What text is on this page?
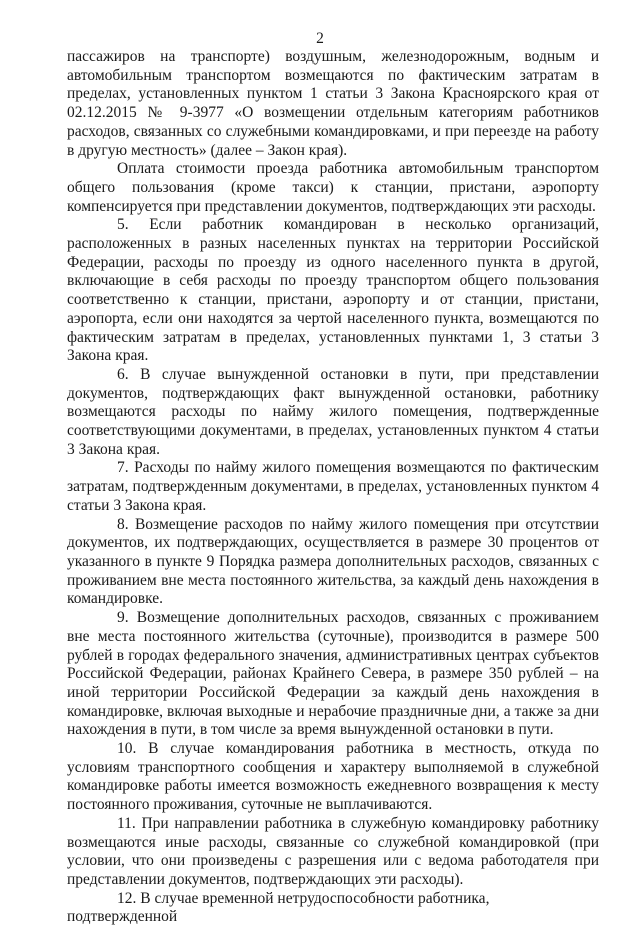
2

пассажиров на транспорте) воздушным, железнодорожным, водным и автомобильным транспортом возмещаются по фактическим затратам в пределах, установленных пунктом 1 статьи 3 Закона Красноярского края от 02.12.2015 № 9-3977 «О возмещении отдельным категориям работников расходов, связанных со служебными командировками, и при переезде на работу в другую местность» (далее – Закон края).

Оплата стоимости проезда работника автомобильным транспортом общего пользования (кроме такси) к станции, пристани, аэропорту компенсируется при представлении документов, подтверждающих эти расходы.

5. Если работник командирован в несколько организаций, расположенных в разных населенных пунктах на территории Российской Федерации, расходы по проезду из одного населенного пункта в другой, включающие в себя расходы по проезду транспортом общего пользования соответственно к станции, пристани, аэропорту и от станции, пристани, аэропорта, если они находятся за чертой населенного пункта, возмещаются по фактическим затратам в пределах, установленных пунктами 1, 3 статьи 3 Закона края.

6. В случае вынужденной остановки в пути, при представлении документов, подтверждающих факт вынужденной остановки, работнику возмещаются расходы по найму жилого помещения, подтвержденные соответствующими документами, в пределах, установленных пунктом 4 статьи 3 Закона края.

7. Расходы по найму жилого помещения возмещаются по фактическим затратам, подтвержденным документами, в пределах, установленных пунктом 4 статьи 3 Закона края.

8. Возмещение расходов по найму жилого помещения при отсутствии документов, их подтверждающих, осуществляется в размере 30 процентов от указанного в пункте 9 Порядка размера дополнительных расходов, связанных с проживанием вне места постоянного жительства, за каждый день нахождения в командировке.

9. Возмещение дополнительных расходов, связанных с проживанием вне места постоянного жительства (суточные), производится в размере 500 рублей в городах федерального значения, административных центрах субъектов Российской Федерации, районах Крайнего Севера, в размере 350 рублей – на иной территории Российской Федерации за каждый день нахождения в командировке, включая выходные и нерабочие праздничные дни, а также за дни нахождения в пути, в том числе за время вынужденной остановки в пути.

10. В случае командирования работника в местность, откуда по условиям транспортного сообщения и характеру выполняемой в служебной командировке работы имеется возможность ежедневного возвращения к месту постоянного проживания, суточные не выплачиваются.

11. При направлении работника в служебную командировку работнику возмещаются иные расходы, связанные со служебной командировкой (при условии, что они произведены с разрешения или с ведома работодателя при представлении документов, подтверждающих эти расходы).

12. В случае временной нетрудоспособности работника, подтвержденной
